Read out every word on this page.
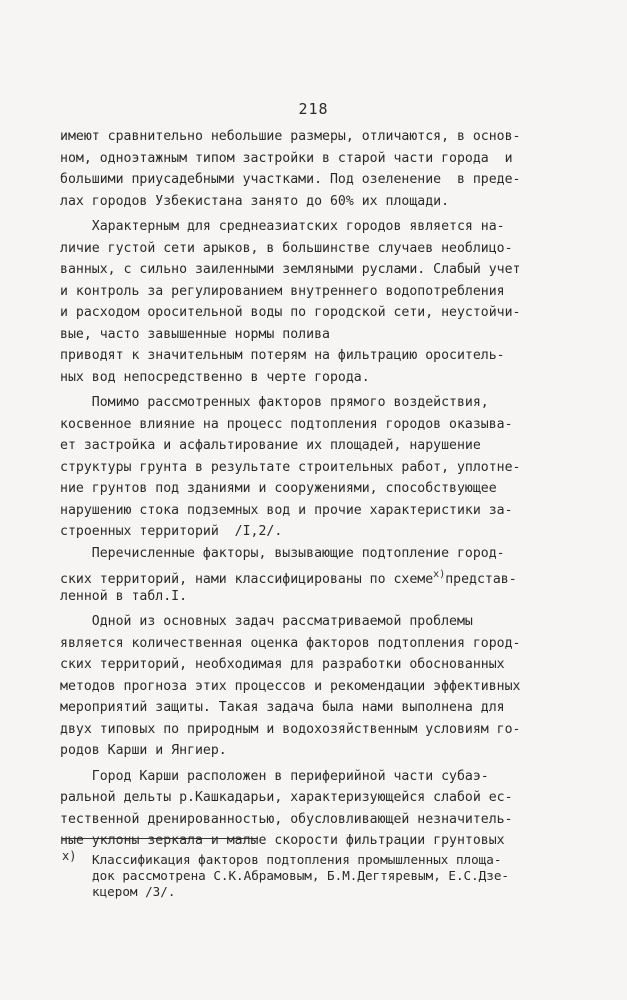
218
имеют сравнительно небольшие размеры, отличаются, в основ-
ном, одноэтажным типом застройки в старой части города  и
большими приусадебными участками. Под озеленение  в преде-
лах городов Узбекистана занято до 60% их площади.
Характерным для среднеазиатских городов является на-
личие густой сети арыков, в большинстве случаев необлицо-
ванных, с сильно заиленными земляными руслами. Слабый учет
и контроль за регулированием внутреннего водопотребления
и расходом оросительной воды по городской сети, неустойчи-
вые, часто завышенные нормы полива
приводят к значительным потерям на фильтрацию ороситель-
ных вод непосредственно в черте города.
Помимо рассмотренных факторов прямого воздействия,
косвенное влияние на процесс подтопления городов оказыва-
ет застройка и асфальтирование их площадей, нарушение
структуры грунта в результате строительных работ, уплотне-
ние грунтов под зданиями и сооружениями, способствующее
нарушению стока подземных вод и прочие характеристики за-
строенных территорий  /I,2/.
Перечисленные факторы, вызывающие подтопление город-
ских территорий, нами классифицированы по схеме$^{x)}$представ-
ленной в табл.I.
Одной из основных задач рассматриваемой проблемы
является количественная оценка факторов подтопления город-
ских территорий, необходимая для разработки обоснованных
методов прогноза этих процессов и рекомендации эффективных
мероприятий защиты. Такая задача была нами выполнена для
двух типовых по природным и водохозяйственным условиям го-
родов Карши и Янгиер.
Город Карши расположен в периферийной части субаэ-
ральной дельты р.Кашкадарьи, характеризующейся слабой ес-
тественной дренированностью, обусловливающей незначитель-
ные уклоны зеркала и малые скорости фильтрации грунтовых
x) Классификация факторов подтопления промышленных площа-
док рассмотрена С.К.Абрамовым, Б.М.Дегтяревым, Е.С.Дзе-
кцером /3/.
